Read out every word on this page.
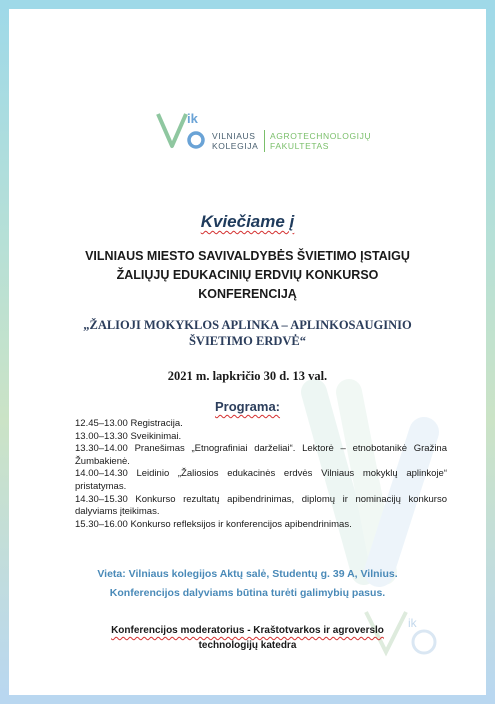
ik
ik
VILNIAUS
KOLEGIJA
AGROTECHNOLOGIJŲ
FAKULTETAS
Kviečiame į
VILNIAUS MIESTO SAVIVALDYBĖS ŠVIETIMO ĮSTAIGŲ
ŽALIŲJŲ EDUKACINIŲ ERDVIŲ KONKURSO
KONFERENCIJĄ
„ŽALIOJI MOKYKLOS APLINKA – APLINKOSAUGINIO
ŠVIETIMO ERDVĖ“
2021 m. lapkričio 30 d. 13 val.
Programa:
12.45–13.00 Registracija.
13.00–13.30 Sveikinimai.
13.30–14.00 Pranešimas „Etnografiniai darželiai“. Lektorė – etnobotanikė Gražina Žumbakienė.
14.00–14.30 Leidinio „Žaliosios edukacinės erdvės Vilniaus mokyklų aplinkoje“ pristatymas.
14.30–15.30 Konkurso rezultatų apibendrinimas, diplomų ir nominacijų konkurso dalyviams įteikimas.
15.30–16.00 Konkurso refleksijos ir konferencijos apibendrinimas.
Vieta: Vilniaus kolegijos Aktų salė, Studentų g. 39 A, Vilnius.
Konferencijos dalyviams būtina turėti galimybių pasus.
Konferencijos moderatorius - Kraštotvarkos ir agroverslo
technologijų katedra
